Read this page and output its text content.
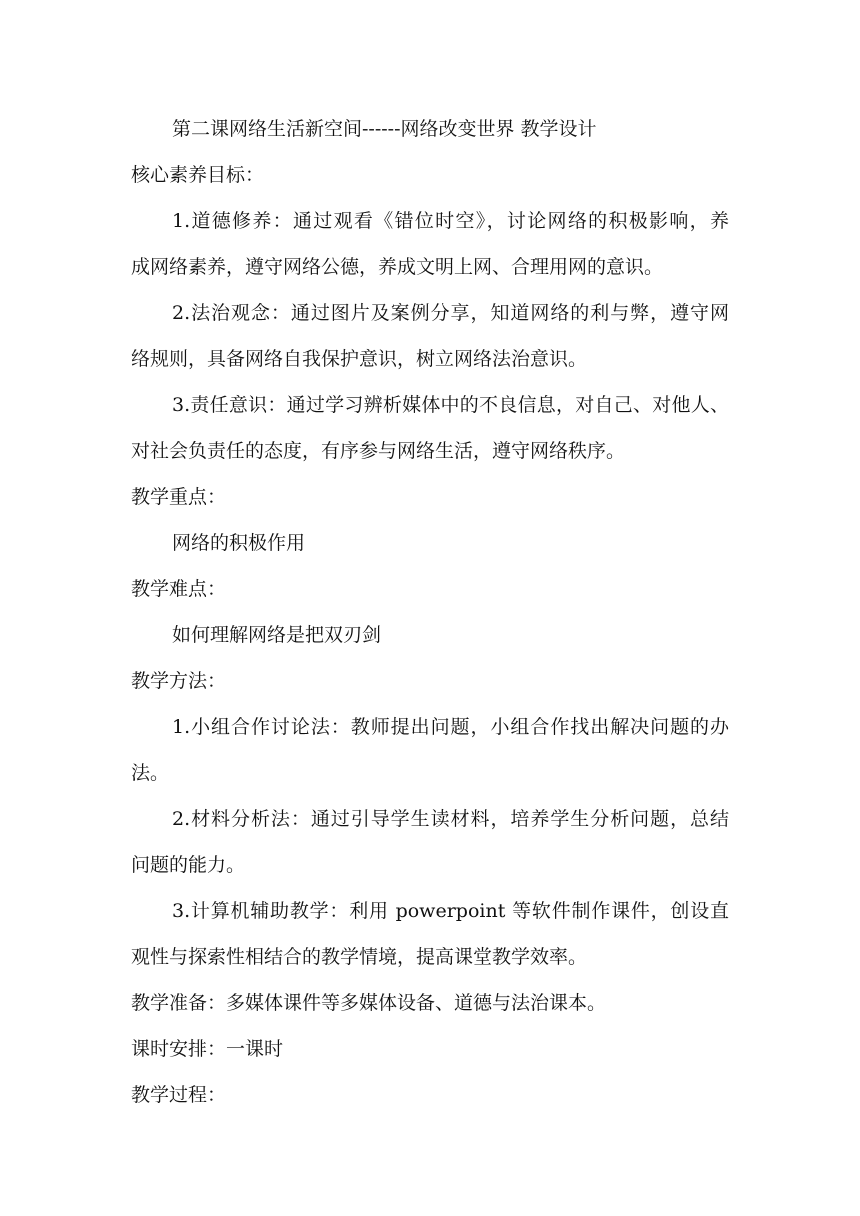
第二课网络生活新空间------网络改变世界 教学设计
核心素养目标：
1.道德修养：通过观看《错位时空》，讨论网络的积极影响，养
成网络素养，遵守网络公德，养成文明上网、合理用网的意识。
2.法治观念：通过图片及案例分享，知道网络的利与弊，遵守网
络规则，具备网络自我保护意识，树立网络法治意识。
3.责任意识：通过学习辨析媒体中的不良信息，对自己、对他人、
对社会负责任的态度，有序参与网络生活，遵守网络秩序。
教学重点：
网络的积极作用
教学难点：
如何理解网络是把双刃剑
教学方法：
1.小组合作讨论法：教师提出问题，小组合作找出解决问题的办
法。
2.材料分析法：通过引导学生读材料，培养学生分析问题，总结
问题的能力。
3.计算机辅助教学：利用 powerpoint 等软件制作课件，创设直
观性与探索性相结合的教学情境，提高课堂教学效率。
教学准备：多媒体课件等多媒体设备、道德与法治课本。
课时安排：一课时
教学过程：
